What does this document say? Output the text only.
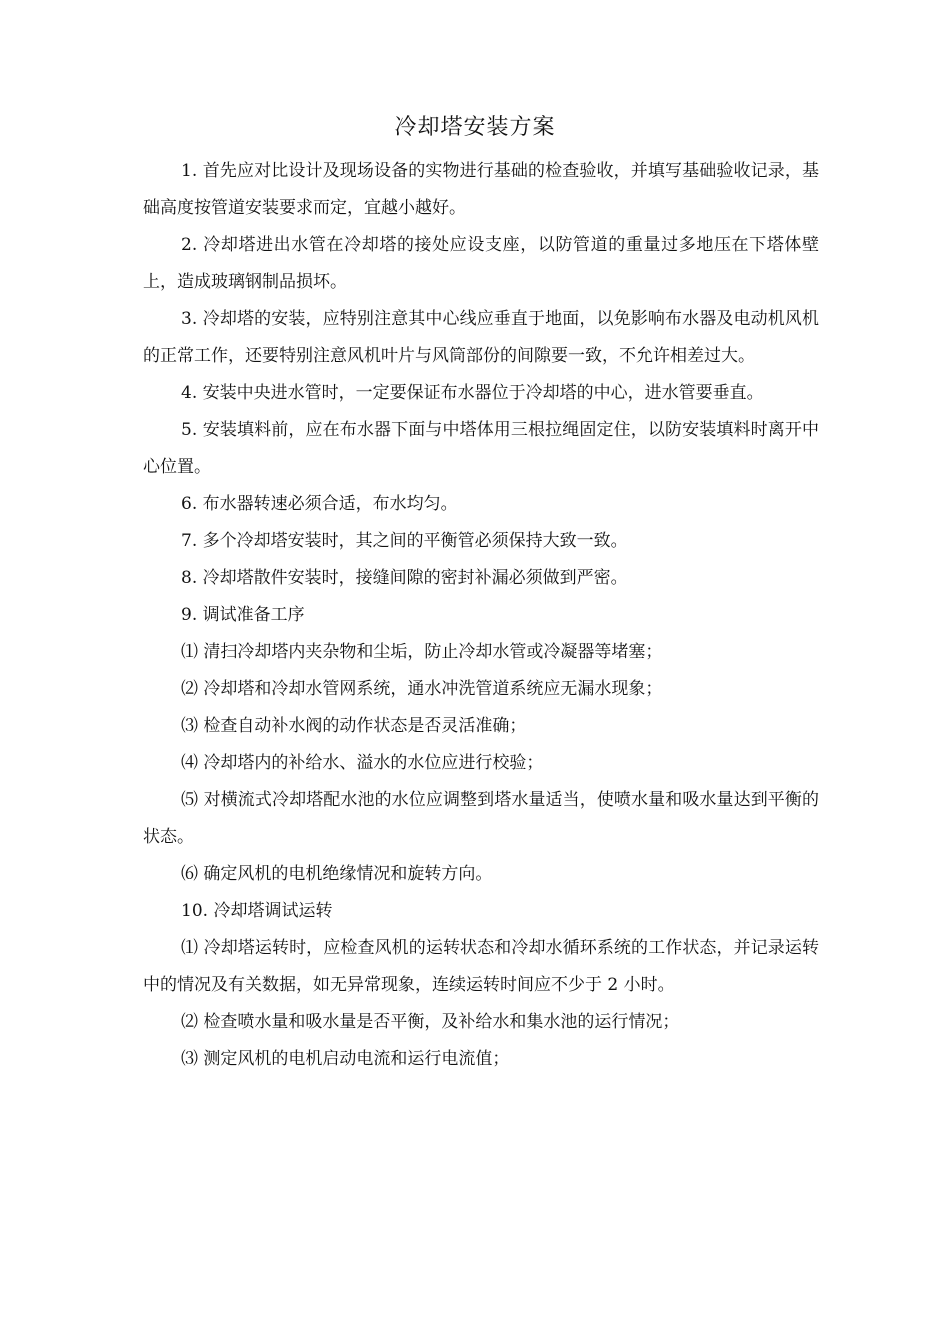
冷却塔安装方案

1. 首先应对比设计及现场设备的实物进行基础的检查验收，并填写基础验收记录，基础高度按管道安装要求而定，宜越小越好。

2. 冷却塔进出水管在冷却塔的接处应设支座，以防管道的重量过多地压在下塔体壁上，造成玻璃钢制品损坏。

3. 冷却塔的安装，应特别注意其中心线应垂直于地面，以免影响布水器及电动机风机的正常工作，还要特别注意风机叶片与风筒部份的间隙要一致，不允许相差过大。

4. 安装中央进水管时，一定要保证布水器位于冷却塔的中心，进水管要垂直。

5. 安装填料前，应在布水器下面与中塔体用三根拉绳固定住，以防安装填料时离开中心位置。

6. 布水器转速必须合适，布水均匀。

7. 多个冷却塔安装时，其之间的平衡管必须保持大致一致。

8. 冷却塔散件安装时，接缝间隙的密封补漏必须做到严密。

9. 调试准备工序

⑴ 清扫冷却塔内夹杂物和尘垢，防止冷却水管或冷凝器等堵塞；

⑵ 冷却塔和冷却水管网系统，通水冲洗管道系统应无漏水现象；

⑶ 检查自动补水阀的动作状态是否灵活准确；

⑷ 冷却塔内的补给水、溢水的水位应进行校验；

⑸ 对横流式冷却塔配水池的水位应调整到塔水量适当，使喷水量和吸水量达到平衡的状态。

⑹ 确定风机的电机绝缘情况和旋转方向。

10. 冷却塔调试运转

⑴ 冷却塔运转时，应检查风机的运转状态和冷却水循环系统的工作状态，并记录运转中的情况及有关数据，如无异常现象，连续运转时间应不少于 2 小时。

⑵ 检查喷水量和吸水量是否平衡，及补给水和集水池的运行情况；

⑶ 测定风机的电机启动电流和运行电流值；
